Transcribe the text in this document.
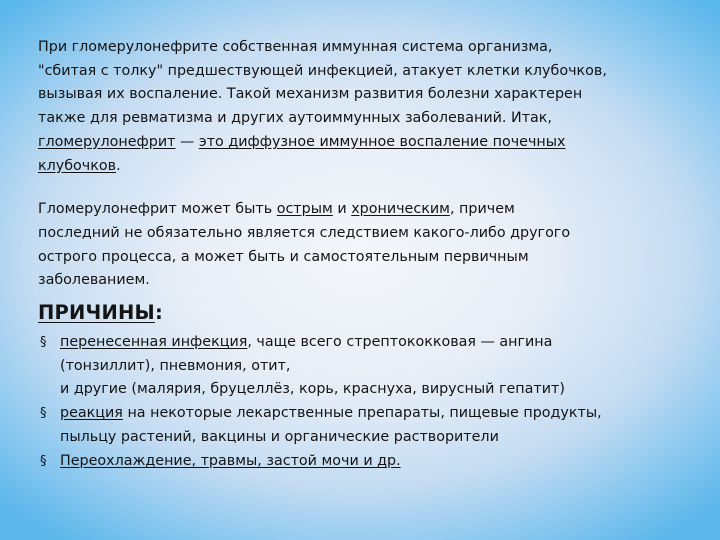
При гломерулонефрите собственная иммунная система организма,
"сбитая с толку" предшествующей инфекцией, атакует клетки клубочков,
вызывая их воспаление. Такой механизм развития болезни характерен
также для ревматизма и других аутоиммунных заболеваний. Итак,
гломерулонефрит — это диффузное иммунное воспаление почечных
клубочков.

Гломерулонефрит может быть острым и хроническим, причем
последний не обязательно является следствием какого-либо другого
острого процесса, а может быть и самостоятельным первичным
заболеванием.

ПРИЧИНЫ:
§ перенесенная инфекция, чаще всего стрептококковая — ангина
(тонзиллит), пневмония, отит,
и другие (малярия, бруцеллёз, корь, краснуха, вирусный гепатит)
§ реакция на некоторые лекарственные препараты, пищевые продукты,
пыльцу растений, вакцины и органические растворители
§ Переохлаждение, травмы, застой мочи и др.
